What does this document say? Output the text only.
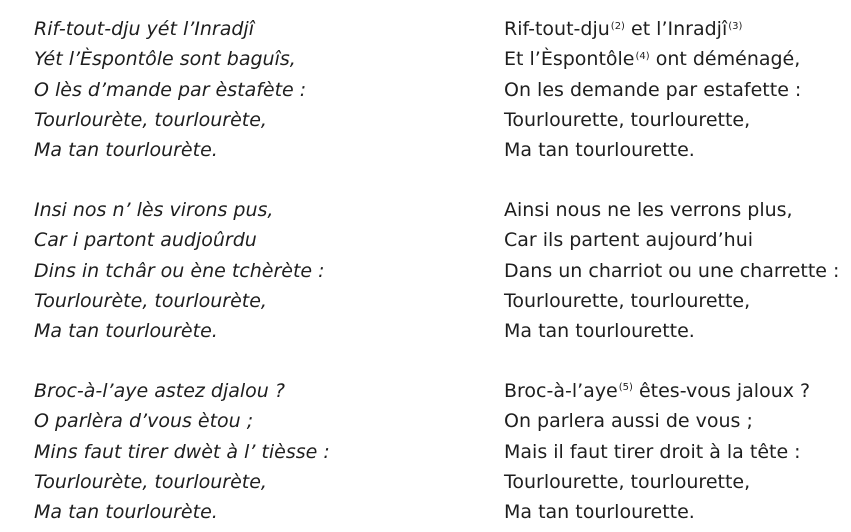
Rif-tout-dju yét l’Inradjî
Yét l’Èspontôle sont baguîs,
O lès d’mande par èstafète :
Tourlourète, tourlourète,
Ma tan tourlourète.
Insi nos n’ lès virons pus,
Car i partont audjoûrdu
Dins in tchâr ou ène tchèrète :
Tourlourète, tourlourète,
Ma tan tourlourète.
Broc-à-l’aye astez djalou ?
O parlèra d’vous ètou ;
Mins faut tirer dwèt à l’ tièsse :
Tourlourète, tourlourète,
Ma tan tourlourète.
Rif-tout-dju$^{(2)}$ et l’Inradjî$^{(3)}$
Et l’Èspontôle$^{(4)}$ ont déménagé,
On les demande par estafette :
Tourlourette, tourlourette,
Ma tan tourlourette.
Ainsi nous ne les verrons plus,
Car ils partent aujourd’hui
Dans un charriot ou une charrette :
Tourlourette, tourlourette,
Ma tan tourlourette.
Broc-à-l’aye$^{(5)}$ êtes-vous jaloux ?
On parlera aussi de vous ;
Mais il faut tirer droit à la tête :
Tourlourette, tourlourette,
Ma tan tourlourette.
